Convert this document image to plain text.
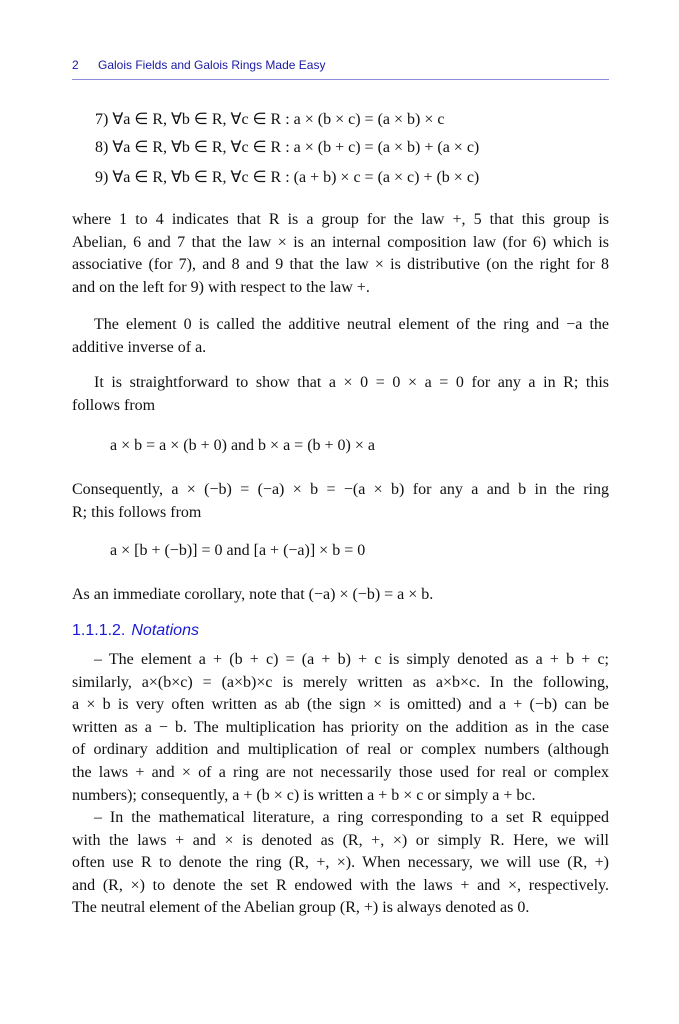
2 Galois Fields and Galois Rings Made Easy
7) ∀a ∈ R, ∀b ∈ R, ∀c ∈ R : a × (b × c) = (a × b) × c
8) ∀a ∈ R, ∀b ∈ R, ∀c ∈ R : a × (b + c) = (a × b) + (a × c)
9) ∀a ∈ R, ∀b ∈ R, ∀c ∈ R : (a + b) × c = (a × c) + (b × c)
where 1 to 4 indicates that R is a group for the law +, 5 that this group is
Abelian, 6 and 7 that the law × is an internal composition law (for 6) which is
associative (for 7), and 8 and 9 that the law × is distributive (on the right for 8
and on the left for 9) with respect to the law +.
The element 0 is called the additive neutral element of the ring and −a the
additive inverse of a.
It is straightforward to show that a × 0 = 0 × a = 0 for any a in R; this
follows from
a × b = a × (b + 0) and b × a = (b + 0) × a
Consequently, a × (−b) = (−a) × b = −(a × b) for any a and b in the ring
R; this follows from
a × [b + (−b)] = 0 and [a + (−a)] × b = 0
As an immediate corollary, note that (−a) × (−b) = a × b.
1.1.1.2. Notations
– The element a + (b + c) = (a + b) + c is simply denoted as a + b + c;
similarly, a×(b×c) = (a×b)×c is merely written as a×b×c. In the following,
a × b is very often written as ab (the sign × is omitted) and a + (−b) can be
written as a − b. The multiplication has priority on the addition as in the case
of ordinary addition and multiplication of real or complex numbers (although
the laws + and × of a ring are not necessarily those used for real or complex
numbers); consequently, a + (b × c) is written a + b × c or simply a + bc.
– In the mathematical literature, a ring corresponding to a set R equipped
with the laws + and × is denoted as (R, +, ×) or simply R. Here, we will
often use R to denote the ring (R, +, ×). When necessary, we will use (R, +)
and (R, ×) to denote the set R endowed with the laws + and ×, respectively.
The neutral element of the Abelian group (R, +) is always denoted as 0.
